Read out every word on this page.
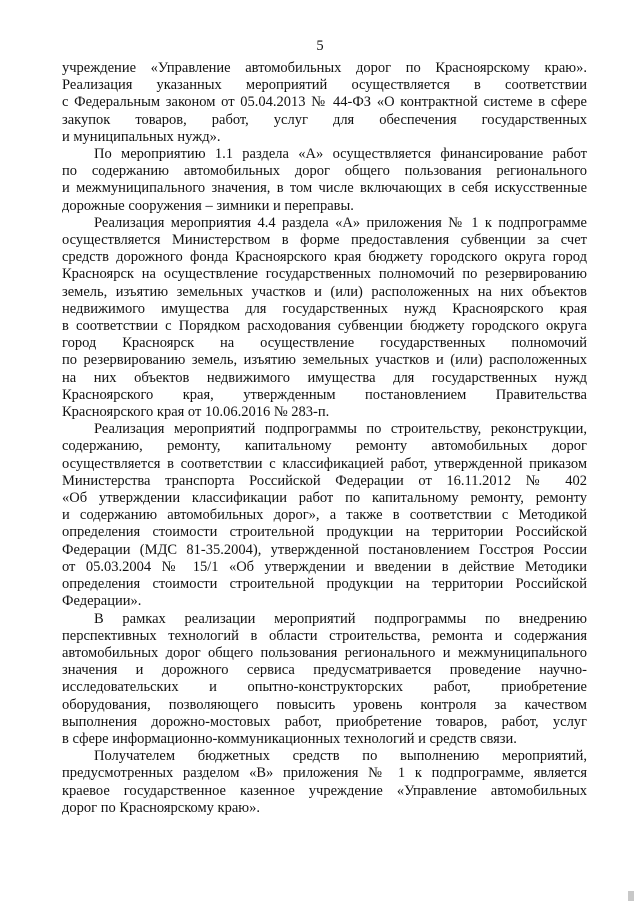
5
учреждение «Управление автомобильных дорог по Красноярскому краю».
Реализация указанных мероприятий осуществляется в соответствии
с Федеральным законом от 05.04.2013 № 44-ФЗ «О контрактной системе в сфере
закупок товаров, работ, услуг для обеспечения государственных
и муниципальных нужд».
По мероприятию 1.1 раздела «А» осуществляется финансирование работ
по содержанию автомобильных дорог общего пользования регионального
и межмуниципального значения, в том числе включающих в себя искусственные
дорожные сооружения – зимники и переправы.
Реализация мероприятия 4.4 раздела «А» приложения № 1 к подпрограмме
осуществляется Министерством в форме предоставления субвенции за счет
средств дорожного фонда Красноярского края бюджету городского округа город
Красноярск на осуществление государственных полномочий по резервированию
земель, изъятию земельных участков и (или) расположенных на них объектов
недвижимого имущества для государственных нужд Красноярского края
в соответствии с Порядком расходования субвенции бюджету городского округа
город Красноярск на осуществление государственных полномочий
по резервированию земель, изъятию земельных участков и (или) расположенных
на них объектов недвижимого имущества для государственных нужд
Красноярского края, утвержденным постановлением Правительства
Красноярского края от 10.06.2016 № 283-п.
Реализация мероприятий подпрограммы по строительству, реконструкции,
содержанию, ремонту, капитальному ремонту автомобильных дорог
осуществляется в соответствии с классификацией работ, утвержденной приказом
Министерства транспорта Российской Федерации от 16.11.2012 № 402
«Об утверждении классификации работ по капитальному ремонту, ремонту
и содержанию автомобильных дорог», а также в соответствии с Методикой
определения стоимости строительной продукции на территории Российской
Федерации (МДС 81-35.2004), утвержденной постановлением Госстроя России
от 05.03.2004 № 15/1 «Об утверждении и введении в действие Методики
определения стоимости строительной продукции на территории Российской
Федерации».
В рамках реализации мероприятий подпрограммы по внедрению
перспективных технологий в области строительства, ремонта и содержания
автомобильных дорог общего пользования регионального и межмуниципального
значения и дорожного сервиса предусматривается проведение научно-
исследовательских и опытно-конструкторских работ, приобретение
оборудования, позволяющего повысить уровень контроля за качеством
выполнения дорожно-мостовых работ, приобретение товаров, работ, услуг
в сфере информационно-коммуникационных технологий и средств связи.
Получателем бюджетных средств по выполнению мероприятий,
предусмотренных разделом «В» приложения № 1 к подпрограмме, является
краевое государственное казенное учреждение «Управление автомобильных
дорог по Красноярскому краю».
